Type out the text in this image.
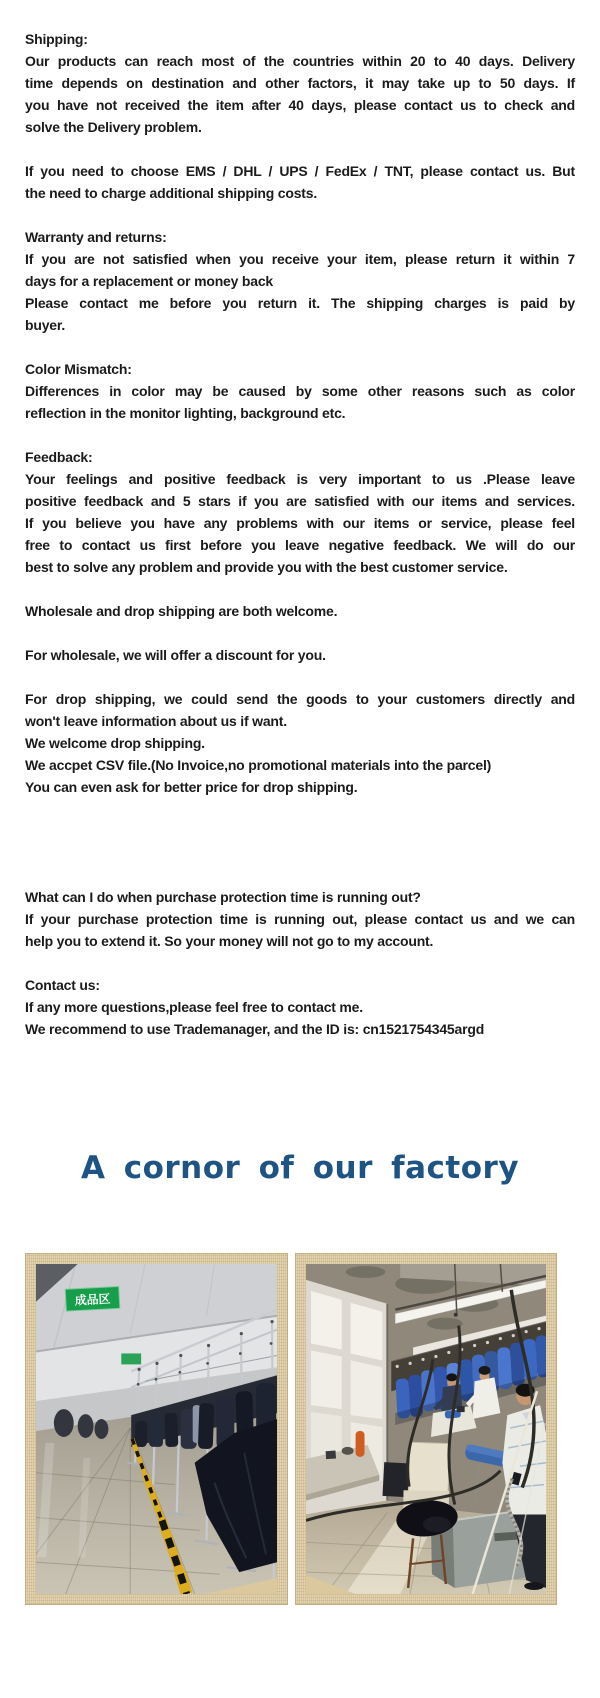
Shipping:
Our products can reach most of the countries within 20 to 40 days. Delivery
time depends on destination and other factors, it may take up to 50 days. If
you have not received the item after 40 days, please contact us to check and
solve the Delivery problem.
If you need to choose EMS / DHL / UPS / FedEx / TNT, please contact us. But
the need to charge additional shipping costs.
Warranty and returns:
If you are not satisfied when you receive your item, please return it within 7
days for a replacement or money back
Please contact me before you return it. The shipping charges is paid by
buyer.
Color Mismatch:
Differences in color may be caused by some other reasons such as color
reflection in the monitor lighting, background etc.
Feedback:
Your feelings and positive feedback is very important to us .Please leave
positive feedback and 5 stars if you are satisfied with our items and services.
If you believe you have any problems with our items or service, please feel
free to contact us first before you leave negative feedback. We will do our
best to solve any problem and provide you with the best customer service.
Wholesale and drop shipping are both welcome.
For wholesale, we will offer a discount for you.
For drop shipping, we could send the goods to your customers directly and
won't leave information about us if want.
We welcome drop shipping.
We accpet CSV file.(No Invoice,no promotional materials into the parcel)
You can even ask for better price for drop shipping.
What can I do when purchase protection time is running out?
If your purchase protection time is running out, please contact us and we can
help you to extend it. So your money will not go to my account.
Contact us:
If any more questions,please feel free to contact me.
We recommend to use Trademanager, and the ID is: cn1521754345argd
A cornor of our factory
成品区
